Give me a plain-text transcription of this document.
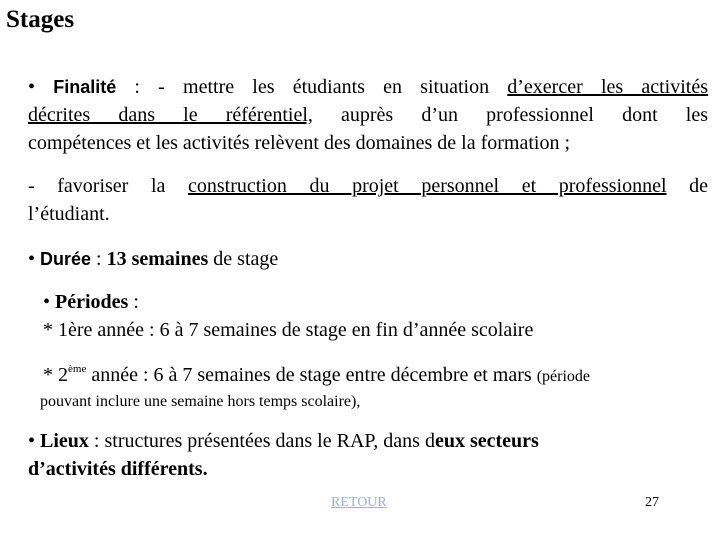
Stages
• Finalité : - mettre les étudiants en situation d’exercer les activités
décrites dans le référentiel, auprès d’un professionnel dont les
compétences et les activités relèvent des domaines de la formation ;
- favoriser la construction du projet personnel et professionnel de
l’étudiant.
• Durée : 13 semaines de stage
• Périodes :
* 1ère année : 6 à 7 semaines de stage en fin d’année scolaire
* 2ème année : 6 à 7 semaines de stage entre décembre et mars (période
pouvant inclure une semaine hors temps scolaire),
• Lieux : structures présentées dans le RAP, dans deux secteurs
d’activités différents.
RETOUR	27
